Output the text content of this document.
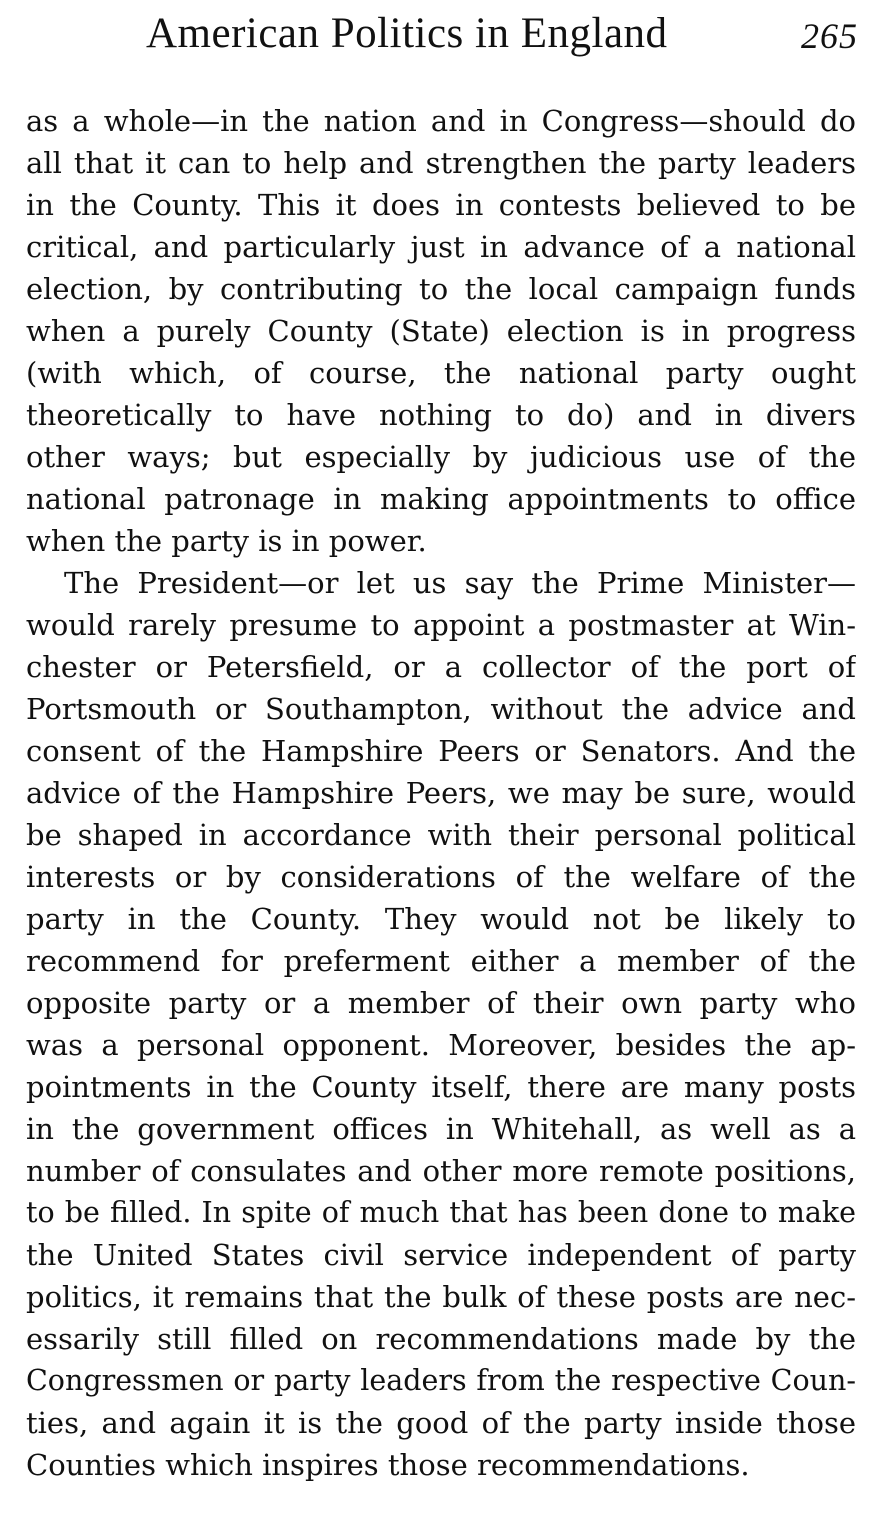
American Politics in England	265
as a whole—in the nation and in Congress—should do
all that it can to help and strengthen the party leaders
in the County. This it does in contests believed to be
critical, and particularly just in advance of a national
election, by contributing to the local campaign funds
when a purely County (State) election is in progress
(with which, of course, the national party ought
theoretically to have nothing to do) and in divers
other ways; but especially by judicious use of the
national patronage in making appointments to office
when the party is in power.
The President—or let us say the Prime Minister—
would rarely presume to appoint a postmaster at Win-
chester or Petersfield, or a collector of the port of
Portsmouth or Southampton, without the advice and
consent of the Hampshire Peers or Senators. And the
advice of the Hampshire Peers, we may be sure, would
be shaped in accordance with their personal political
interests or by considerations of the welfare of the
party in the County. They would not be likely to
recommend for preferment either a member of the
opposite party or a member of their own party who
was a personal opponent. Moreover, besides the ap-
pointments in the County itself, there are many posts
in the government offices in Whitehall, as well as a
number of consulates and other more remote positions,
to be filled. In spite of much that has been done to make
the United States civil service independent of party
politics, it remains that the bulk of these posts are nec-
essarily still filled on recommendations made by the
Congressmen or party leaders from the respective Coun-
ties, and again it is the good of the party inside those
Counties which inspires those recommendations.
